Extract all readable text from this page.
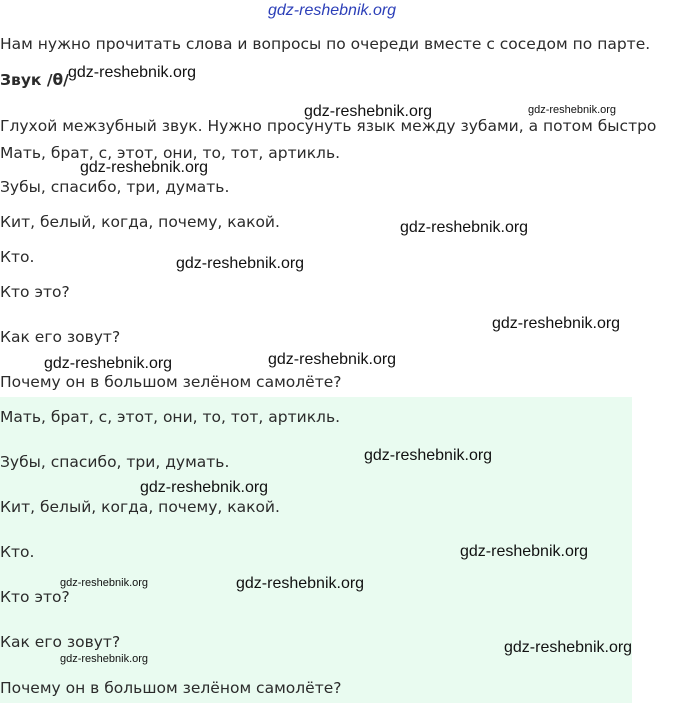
gdz-reshebnik.org
Нам нужно прочитать слова и вопросы по очереди вместе с соседом по парте.
Звук /θ/
Глухой межзубный звук. Нужно просунуть язык между зубами, а потом быстро
Мать, брат, с, этот, они, то, тот, артикль.
Зубы, спасибо, три, думать.
Кит, белый, когда, почему, какой.
Кто.
Кто это?
Как его зовут?
Почему он в большом зелёном самолёте?
Мать, брат, с, этот, они, то, тот, артикль.
Зубы, спасибо, три, думать.
Кит, белый, когда, почему, какой.
Кто.
Кто это?
Как его зовут?
Почему он в большом зелёном самолёте?
gdz-reshebnik.org
gdz-reshebnik.org	gdz-reshebnik.org
gdz-reshebnik.org
gdz-reshebnik.org
gdz-reshebnik.org
gdz-reshebnik.org
gdz-reshebnik.org	gdz-reshebnik.org
gdz-reshebnik.org
gdz-reshebnik.org
gdz-reshebnik.org
gdz-reshebnik.org	gdz-reshebnik.org
gdz-reshebnik.org
gdz-reshebnik.org
